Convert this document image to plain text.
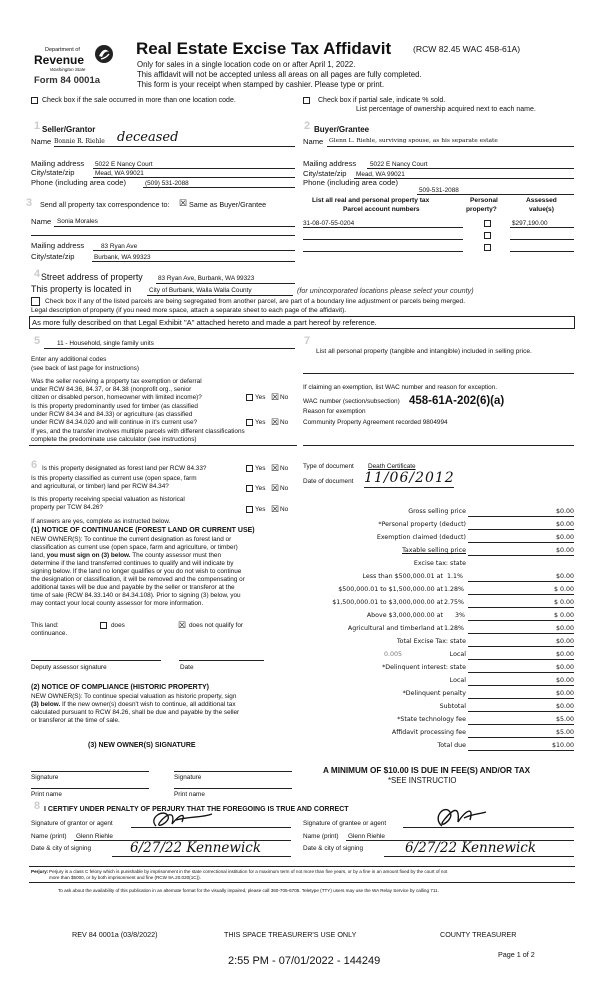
Department of
Revenue
Washington State
Form 84 0001a
Real Estate Excise Tax Affidavit	(RCW 82.45 WAC 458-61A)
Only for sales in a single location code on or after April 1, 2022.
This affidavit will not be accepted unless all areas on all pages are fully completed.
This form is your receipt when stamped by cashier. Please type or print.
Check box if the sale occurred in more than one location code.	Check box if partial sale, indicate % sold.
List percentage of ownership acquired next to each name.
1 Seller/Grantor
Name Bonnie R. Riehle deceased
Mailing address 5022 E Nancy Court
City/state/zip	Mead, WA 99021
Phone (including area code)	(509) 531-2088
2 Buyer/Grantee
Name Glenn L. Riehle, surviving spouse, as his separate estate
Mailing address 5022 E Nancy Court
City/state/zip Mead, WA 99021
Phone (including area code)
509-531-2088
3 Send all property tax correspondence to: ☒ Same as Buyer/Grantee
Name Sonia Morales
Mailing address	83 Ryan Ave
City/state/zip	Burbank, WA 99323
List all real and personal property tax
Parcel account numbers
Personal
property?
Assessed
value(s)
31-08-07-55-0204	$297,190.00
4 Street address of property 83 Ryan Ave, Burbank, WA 99323
This property is located in	City of Burbank, Walla Walla County	(for unincorporated locations please select your county)
Check box if any of the listed parcels are being segregated from another parcel, are part of a boundary line adjustment or parcels being merged.
Legal description of property (if you need more space, attach a separate sheet to each page of the affidavit).
As more fully described on that Legal Exhibit "A" attached hereto and made a part hereof by reference.
5	11 - Household, single family units
Enter any additional codes
(see back of last page for instructions)
Was the seller receiving a property tax exemption or deferral
under RCW 84.36, 84.37, or 84.38 (nonprofit org., senior
citizen or disabled person, homeowner with limited income)?	Yes ☒ No
Is this property predominantly used for timber (as classified
under RCW 84.34 and 84.33) or agriculture (as classified
under RCW 84.34.020 and will continue in it's current use?	Yes ☒ No
If yes, and the transfer involves multiple parcels with different classifications
complete the predominate use calculator (see instructions)
7
List all personal property (tangible and intangible) included in selling price.
If claiming an exemption, list WAC number and reason for exception.
WAC number (section/subsection) 458-61A-202(6)(a)
Reason for exemption
Community Property Agreement recorded 9804994
6 Is this property designated as forest land per RCW 84.33?	Yes ☒ No
Is this property classified as current use (open space, farm
and agricultural, or timber) land per RCW 84.34?	Yes ☒ No
Is this property receiving special valuation as historical
property per TCW 84.26?	Yes ☒ No
If answers are yes, complete as instructed below.
(1) NOTICE OF CONTINUANCE (FOREST LAND OR CURRENT USE)
NEW OWNER(S): To continue the current designation as forest land or
classification as current use (open space, farm and agriculture, or timber)
land, you must sign on (3) below. The county assessor must then
determine if the land transferred continues to qualify and will indicate by
signing below. If the land no longer qualifies or you do not wish to continue
the designation or classification, it will be removed and the compensating or
additional taxes will be due and payable by the seller or transferor at the
time of sale (RCW 84.33.140 or 84.34.108). Prior to signing (3) below, you
may contact your local county assessor for more information.
This land:	does	☒ does not qualify for
continuance.
Deputy assessor signature	Date
(2) NOTICE OF COMPLIANCE (HISTORIC PROPERTY)
NEW OWNER(S): To continue special valuation as historic property, sign
(3) below. If the new owner(s) doesn't wish to continue, all additional tax
calculated pursuant to RCW 84.26, shall be due and payable by the seller
or transferor at the time of sale.
(3) NEW OWNER(S) SIGNATURE
Type of document Death Certificate
Date of document 11/06/2012
Gross selling price	$0.00
*Personal property (deduct)	$0.00
Exemption claimed (deduct)	$0.00
Taxable selling price	$0.00
Excise tax: state
Less than $500,000.01 at 1.1%	$0.00
$500,000.01 to $1,500,000.00 at 1.28%	$ 0.00
$1,500,000.01 to $3,000,000.00 at 2.75%	$ 0.00
Above $3,000,000.00 at 3%	$ 0.00
Agricultural and timberland at 1.28%	$0.00
Total Excise Tax: state	$0.00
0.005	Local	$0.00
*Delinquent interest: state	$0.00
Local	$0.00
*Delinquent penalty	$0.00
Subtotal	$0.00
*State technology fee	$5.00
Affidavit processing fee	$5.00
Total due	$10.00
A MINIMUM OF $10.00 IS DUE IN FEE(S) AND/OR TAX
*SEE INSTRUCTIO
Signature	Signature
Print name	Print name
8 I CERTIFY UNDER PENALTY OF PERJURY THAT THE FOREGOING IS TRUE AND CORRECT
Signature of grantor or agent	Signature of grantee or agent
Name (print) Glenn Riehle	Name (print) Glenn Riehle
Date & city of signing	6/27/22 Kennewick	Date & city of signing	6/27/22 Kennewick
Perjury: Perjury is a class C felony which is punishable by imprisonment in the state correctional institution for a maximum term of not more than five years, or by a fine in an amount fixed by the court of not
more than $5000, or by both imprisonment and fine (RCW 9A.20.020(1C)).
To ask about the availability of this publication in an alternate format for the visually impaired, please call 360-705-6705. Teletype (TTY) users may use the WA Relay Service by calling 711.
REV 84 0001a (03/8/2022)	THIS SPACE TREASURER'S USE ONLY	COUNTY TREASURER
Page 1 of 2
2:55 PM - 07/01/2022 - 144249
